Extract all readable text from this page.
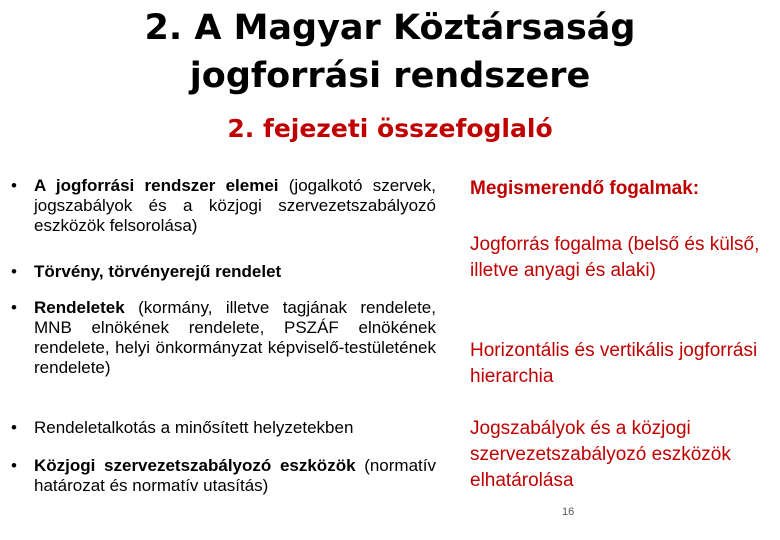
2. A Magyar Köztársaság
jogforrási rendszere
2. fejezeti összefoglaló
• A jogforrási rendszer elemei (jogalkotó szervek, jogszabályok és a közjogi szervezetszabályozó eszközök felsorolása)
• Törvény, törvényerejű rendelet
• Rendeletek (kormány, illetve tagjának rendelete, MNB elnökének rendelete, PSZÁF elnökének rendelete, helyi önkormányzat képviselő-testületének rendelete)
• Rendeletalkotás a minősített helyzetekben
• Közjogi szervezetszabályozó eszközök (normatív határozat és normatív utasítás)
Megismerendő fogalmak:
Jogforrás fogalma (belső és külső, illetve anyagi és alaki)
Horizontális és vertikális jogforrási hierarchia
Jogszabályok és a közjogi szervezetszabályozó eszközök elhatárolása
16
